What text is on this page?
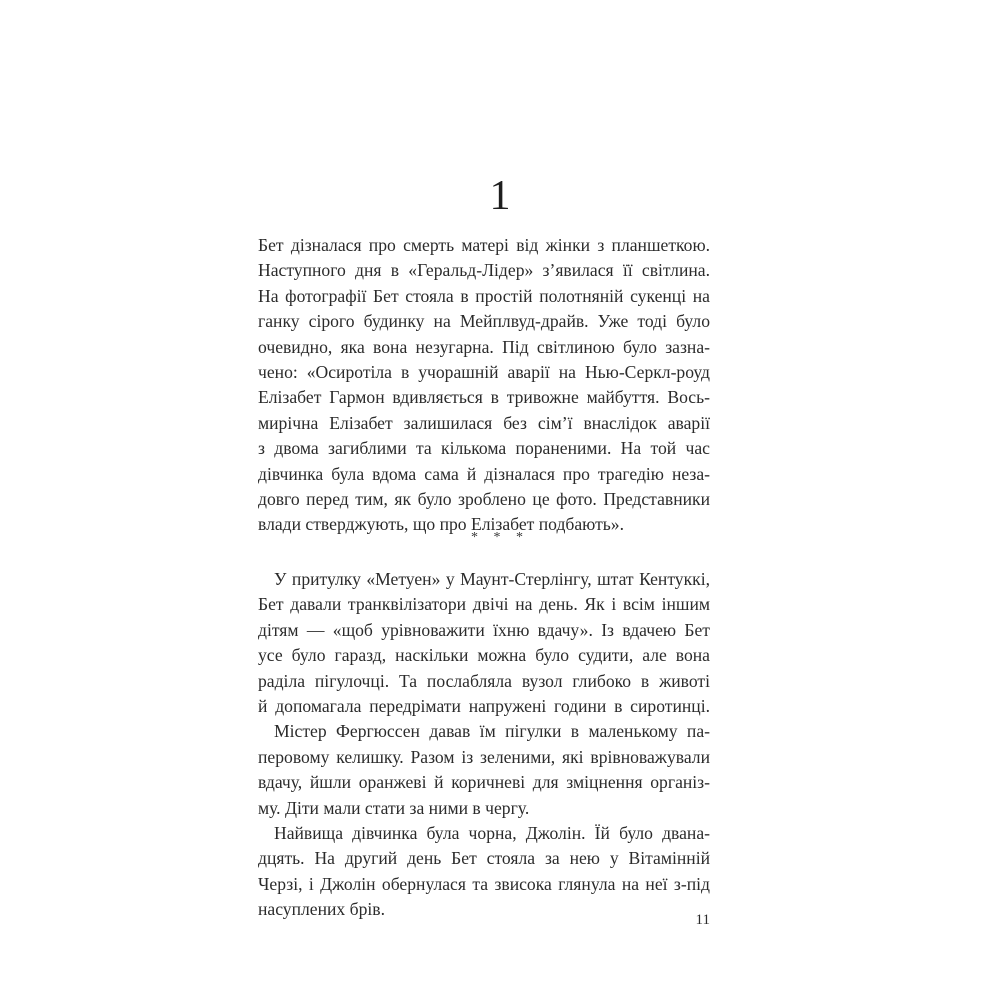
1
Бет дізналася про смерть матері від жінки з планшеткою.
Наступного дня в «Геральд-Лідер» з’явилася її світлина.
На фотографії Бет стояла в простій полотняній сукенці на
ганку сірого будинку на Мейплвуд-драйв. Уже тоді було
очевидно, яка вона незугарна. Під світлиною було зазна-
чено: «Осиротіла в учорашній аварії на Нью-Серкл-роуд
Елізабет Гармон вдивляється в тривожне майбуття. Вось-
мирічна Елізабет залишилася без сім’ї внаслідок аварії
з двома загиблими та кількома пораненими. На той час
дівчинка була вдома сама й дізналася про трагедію неза-
довго перед тим, як було зроблено це фото. Представники
влади стверджують, що про Елізабет подбають».
* * *
У притулку «Метуен» у Маунт-Стерлінгу, штат Кентуккі,
Бет давали транквілізатори двічі на день. Як і всім іншим
дітям — «щоб урівноважити їхню вдачу». Із вдачею Бет
усе було гаразд, наскільки можна було судити, але вона
раділа пігулочці. Та послабляла вузол глибоко в животі
й допомагала передрімати напружені години в сиротинці.
Містер Фергюссен давав їм пігулки в маленькому па-
перовому келишку. Разом із зеленими, які врівноважували
вдачу, йшли оранжеві й коричневі для зміцнення організ-
му. Діти мали стати за ними в чергу.
Найвища дівчинка була чорна, Джолін. Їй було двана-
дцять. На другий день Бет стояла за нею у Вітамінній
Черзі, і Джолін обернулася та звисока глянула на неї з-під
насуплених брів.
11
